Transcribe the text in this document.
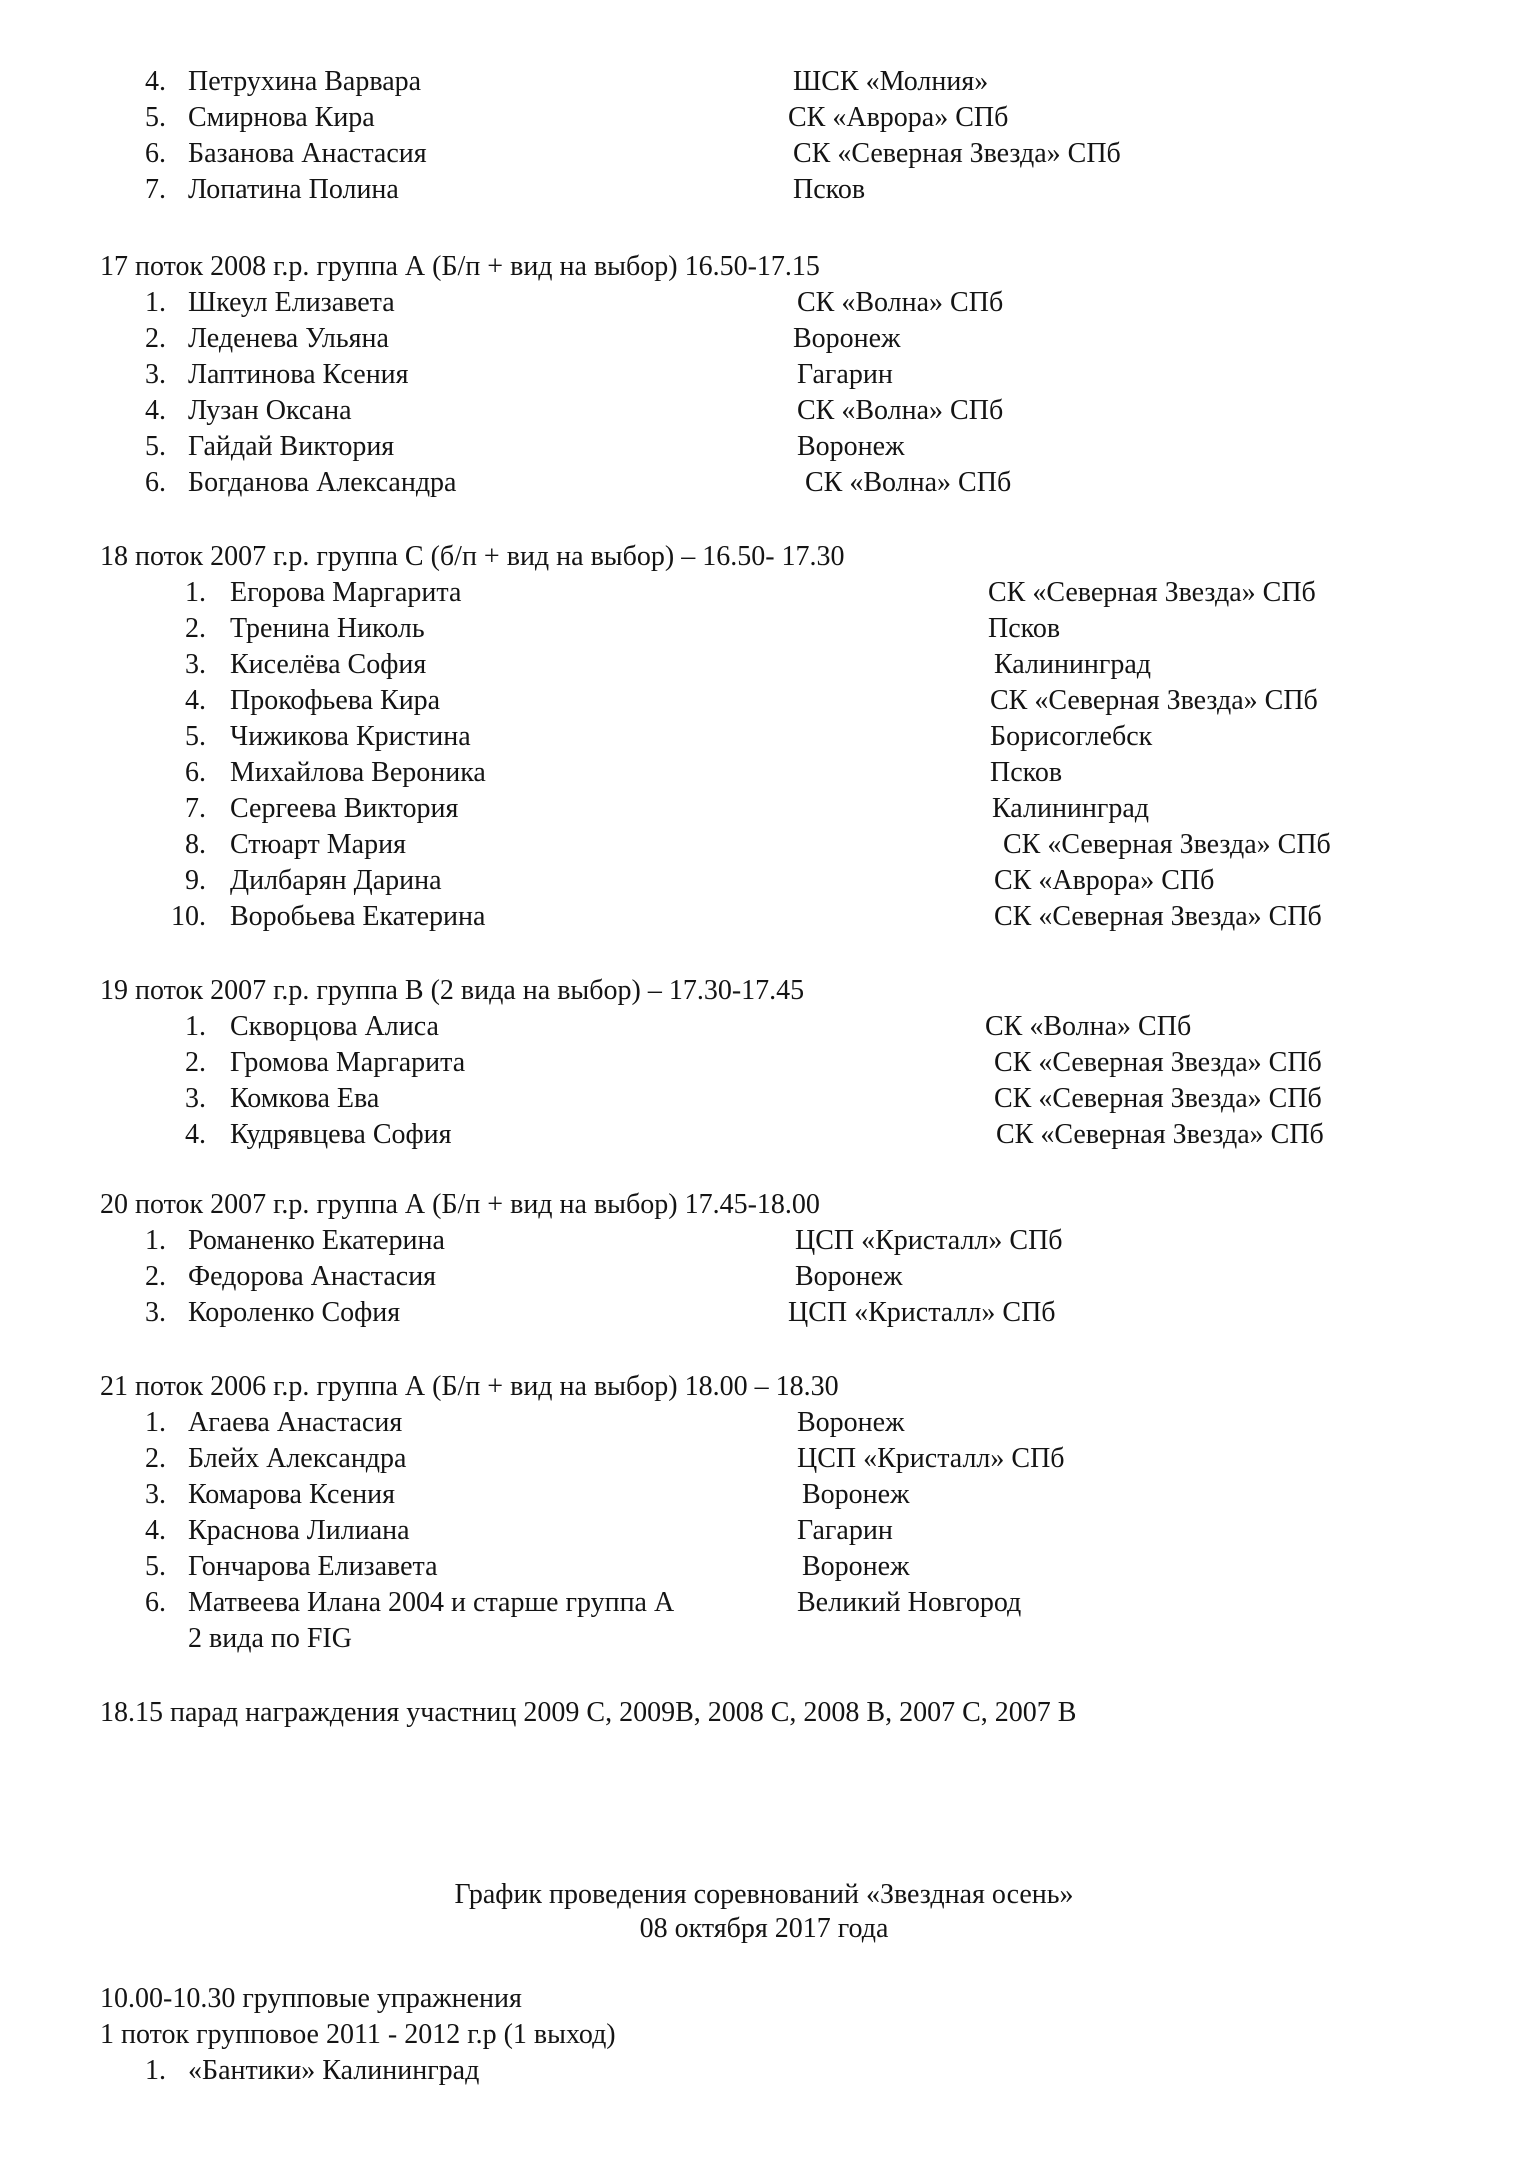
4. Петрухина Варвара	ШСК «Молния»
5. Смирнова Кира	СК «Аврора» СПб
6. Базанова Анастасия	СК «Северная Звезда» СПб
7. Лопатина Полина	Псков
17 поток 2008 г.р. группа А (Б/п + вид на выбор) 16.50-17.15
1. Шкеул Елизавета	СК «Волна» СПб
2. Леденева Ульяна	Воронеж
3. Лаптинова Ксения	Гагарин
4. Лузан Оксана	СК «Волна» СПб
5. Гайдай Виктория	Воронеж
6. Богданова Александра	СК «Волна» СПб
18 поток 2007 г.р. группа С (б/п + вид на выбор) – 16.50- 17.30
1. Егорова Маргарита	СК «Северная Звезда» СПб
2. Тренина Николь	Псков
3. Киселёва София	Калининград
4. Прокофьева Кира	СК «Северная Звезда» СПб
5. Чижикова Кристина	Борисоглебск
6. Михайлова Вероника	Псков
7. Сергеева Виктория	Калининград
8. Стюарт Мария	СК «Северная Звезда» СПб
9. Дилбарян Дарина	СК «Аврора» СПб
10. Воробьева Екатерина	СК «Северная Звезда» СПб
19 поток 2007 г.р. группа В (2 вида на выбор) – 17.30-17.45
1. Скворцова Алиса	СК «Волна» СПб
2. Громова Маргарита	СК «Северная Звезда» СПб
3. Комкова Ева	СК «Северная Звезда» СПб
4. Кудрявцева София	СК «Северная Звезда» СПб
20 поток 2007 г.р. группа А (Б/п + вид на выбор) 17.45-18.00
1. Романенко Екатерина	ЦСП «Кристалл» СПб
2. Федорова Анастасия	Воронеж
3. Короленко София	ЦСП «Кристалл» СПб
21 поток 2006 г.р. группа А (Б/п + вид на выбор) 18.00 – 18.30
1. Агаева Анастасия	Воронеж
2. Блейх Александра	ЦСП «Кристалл» СПб
3. Комарова Ксения	Воронеж
4. Краснова Лилиана	Гагарин
5. Гончарова Елизавета	Воронеж
6. Матвеева Илана 2004 и старше группа А	Великий Новгород
2 вида по FIG
18.15 парад награждения участниц 2009 С, 2009В, 2008 С, 2008 В, 2007 С, 2007 В
График проведения соревнований «Звездная осень»
08 октября 2017 года
10.00-10.30 групповые упражнения
1 поток групповое 2011 - 2012 г.р (1 выход)
1. «Бантики» Калининград
